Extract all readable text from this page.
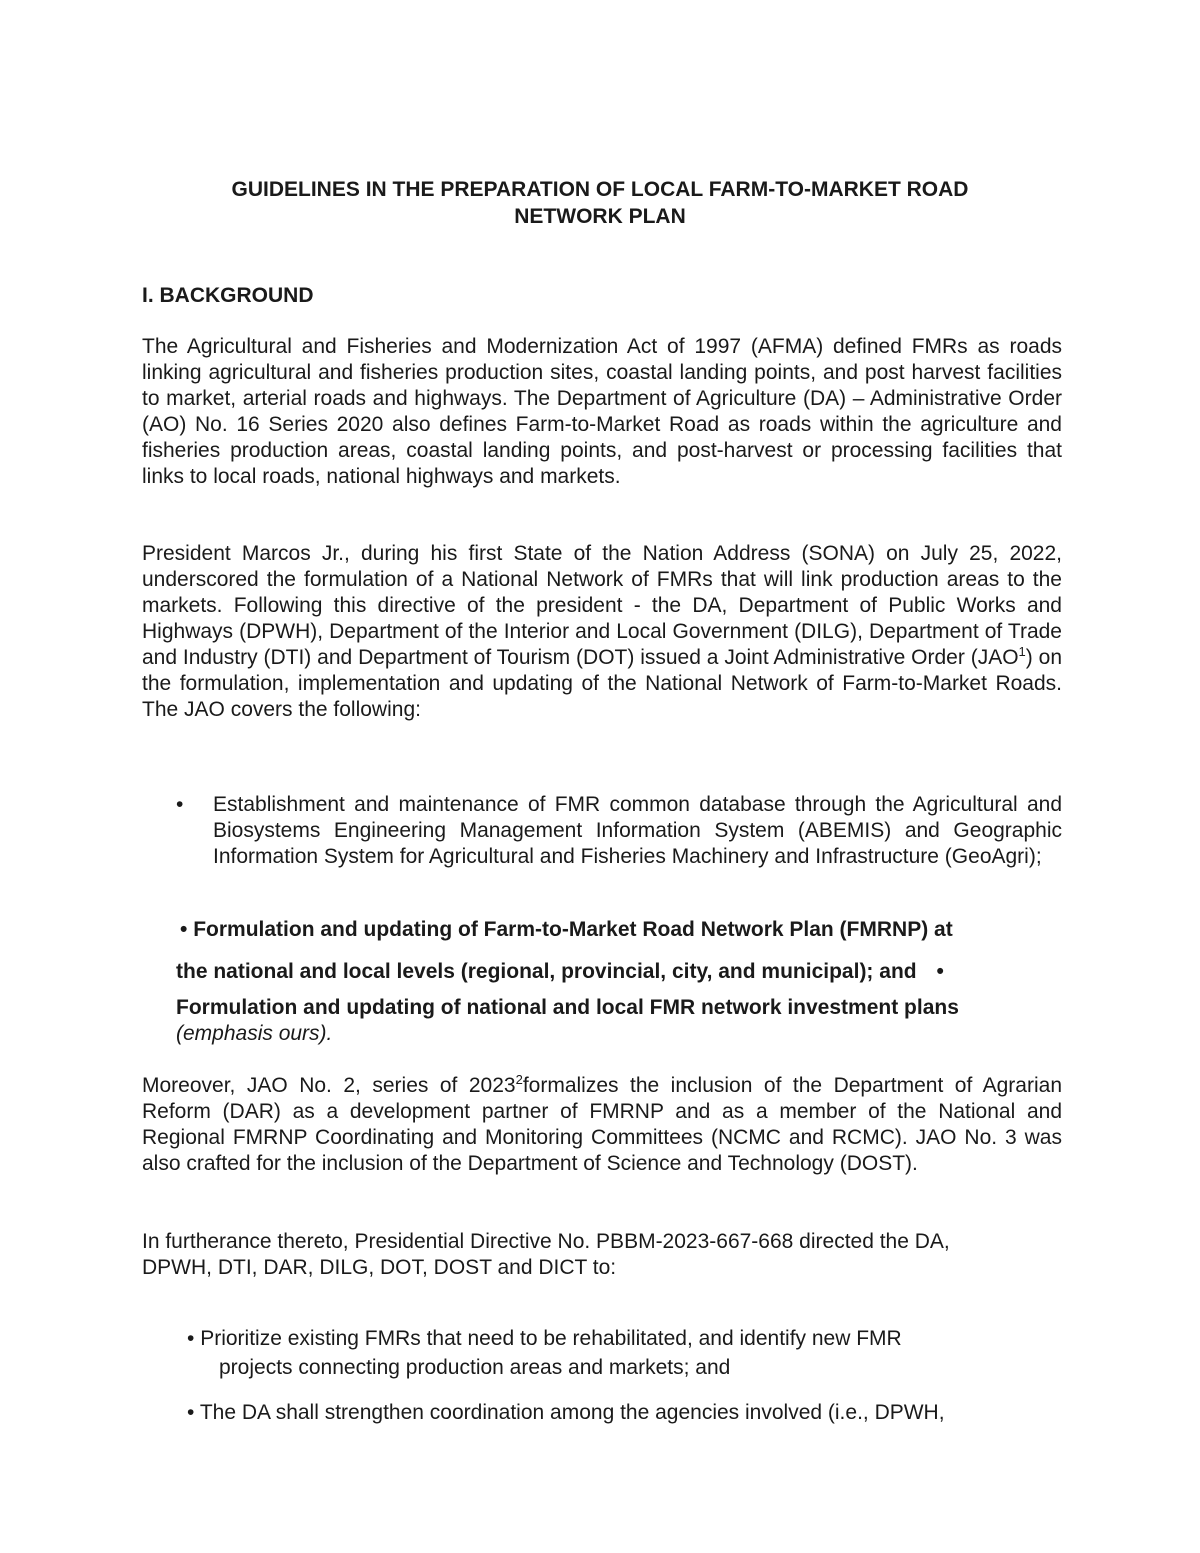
GUIDELINES IN THE PREPARATION OF LOCAL FARM-TO-MARKET ROAD
NETWORK PLAN
I. BACKGROUND

The Agricultural and Fisheries and Modernization Act of 1997 (AFMA) defined FMRs as roads linking agricultural and fisheries production sites, coastal landing points, and post harvest facilities to market, arterial roads and highways. The Department of Agriculture (DA) – Administrative Order (AO) No. 16 Series 2020 also defines Farm-to-Market Road as roads within the agriculture and fisheries production areas, coastal landing points, and post-harvest or processing facilities that links to local roads, national highways and markets.

President Marcos Jr., during his first State of the Nation Address (SONA) on July 25, 2022, underscored the formulation of a National Network of FMRs that will link production areas to the markets. Following this directive of the president - the DA, Department of Public Works and Highways (DPWH), Department of the Interior and Local Government (DILG), Department of Trade and Industry (DTI) and Department of Tourism (DOT) issued a Joint Administrative Order (JAO$^1$) on the formulation, implementation and updating of the National Network of Farm-to-Market Roads. The JAO covers the following:

• Establishment and maintenance of FMR common database through the Agricultural and Biosystems Engineering Management Information System (ABEMIS) and Geographic Information System for Agricultural and Fisheries Machinery and Infrastructure (GeoAgri);
• Formulation and updating of Farm-to-Market Road Network Plan (FMRNP) at
the national and local levels (regional, provincial, city, and municipal); and •
Formulation and updating of national and local FMR network investment plans
(emphasis ours).

Moreover, JAO No. 2, series of 2023$^2$formalizes the inclusion of the Department of Agrarian Reform (DAR) as a development partner of FMRNP and as a member of the National and Regional FMRNP Coordinating and Monitoring Committees (NCMC and RCMC). JAO No. 3 was also crafted for the inclusion of the Department of Science and Technology (DOST).

In furtherance thereto, Presidential Directive No. PBBM-2023-667-668 directed the DA,
DPWH, DTI, DAR, DILG, DOT, DOST and DICT to:

• Prioritize existing FMRs that need to be rehabilitated, and identify new FMR
projects connecting production areas and markets; and
• The DA shall strengthen coordination among the agencies involved (i.e., DPWH,
